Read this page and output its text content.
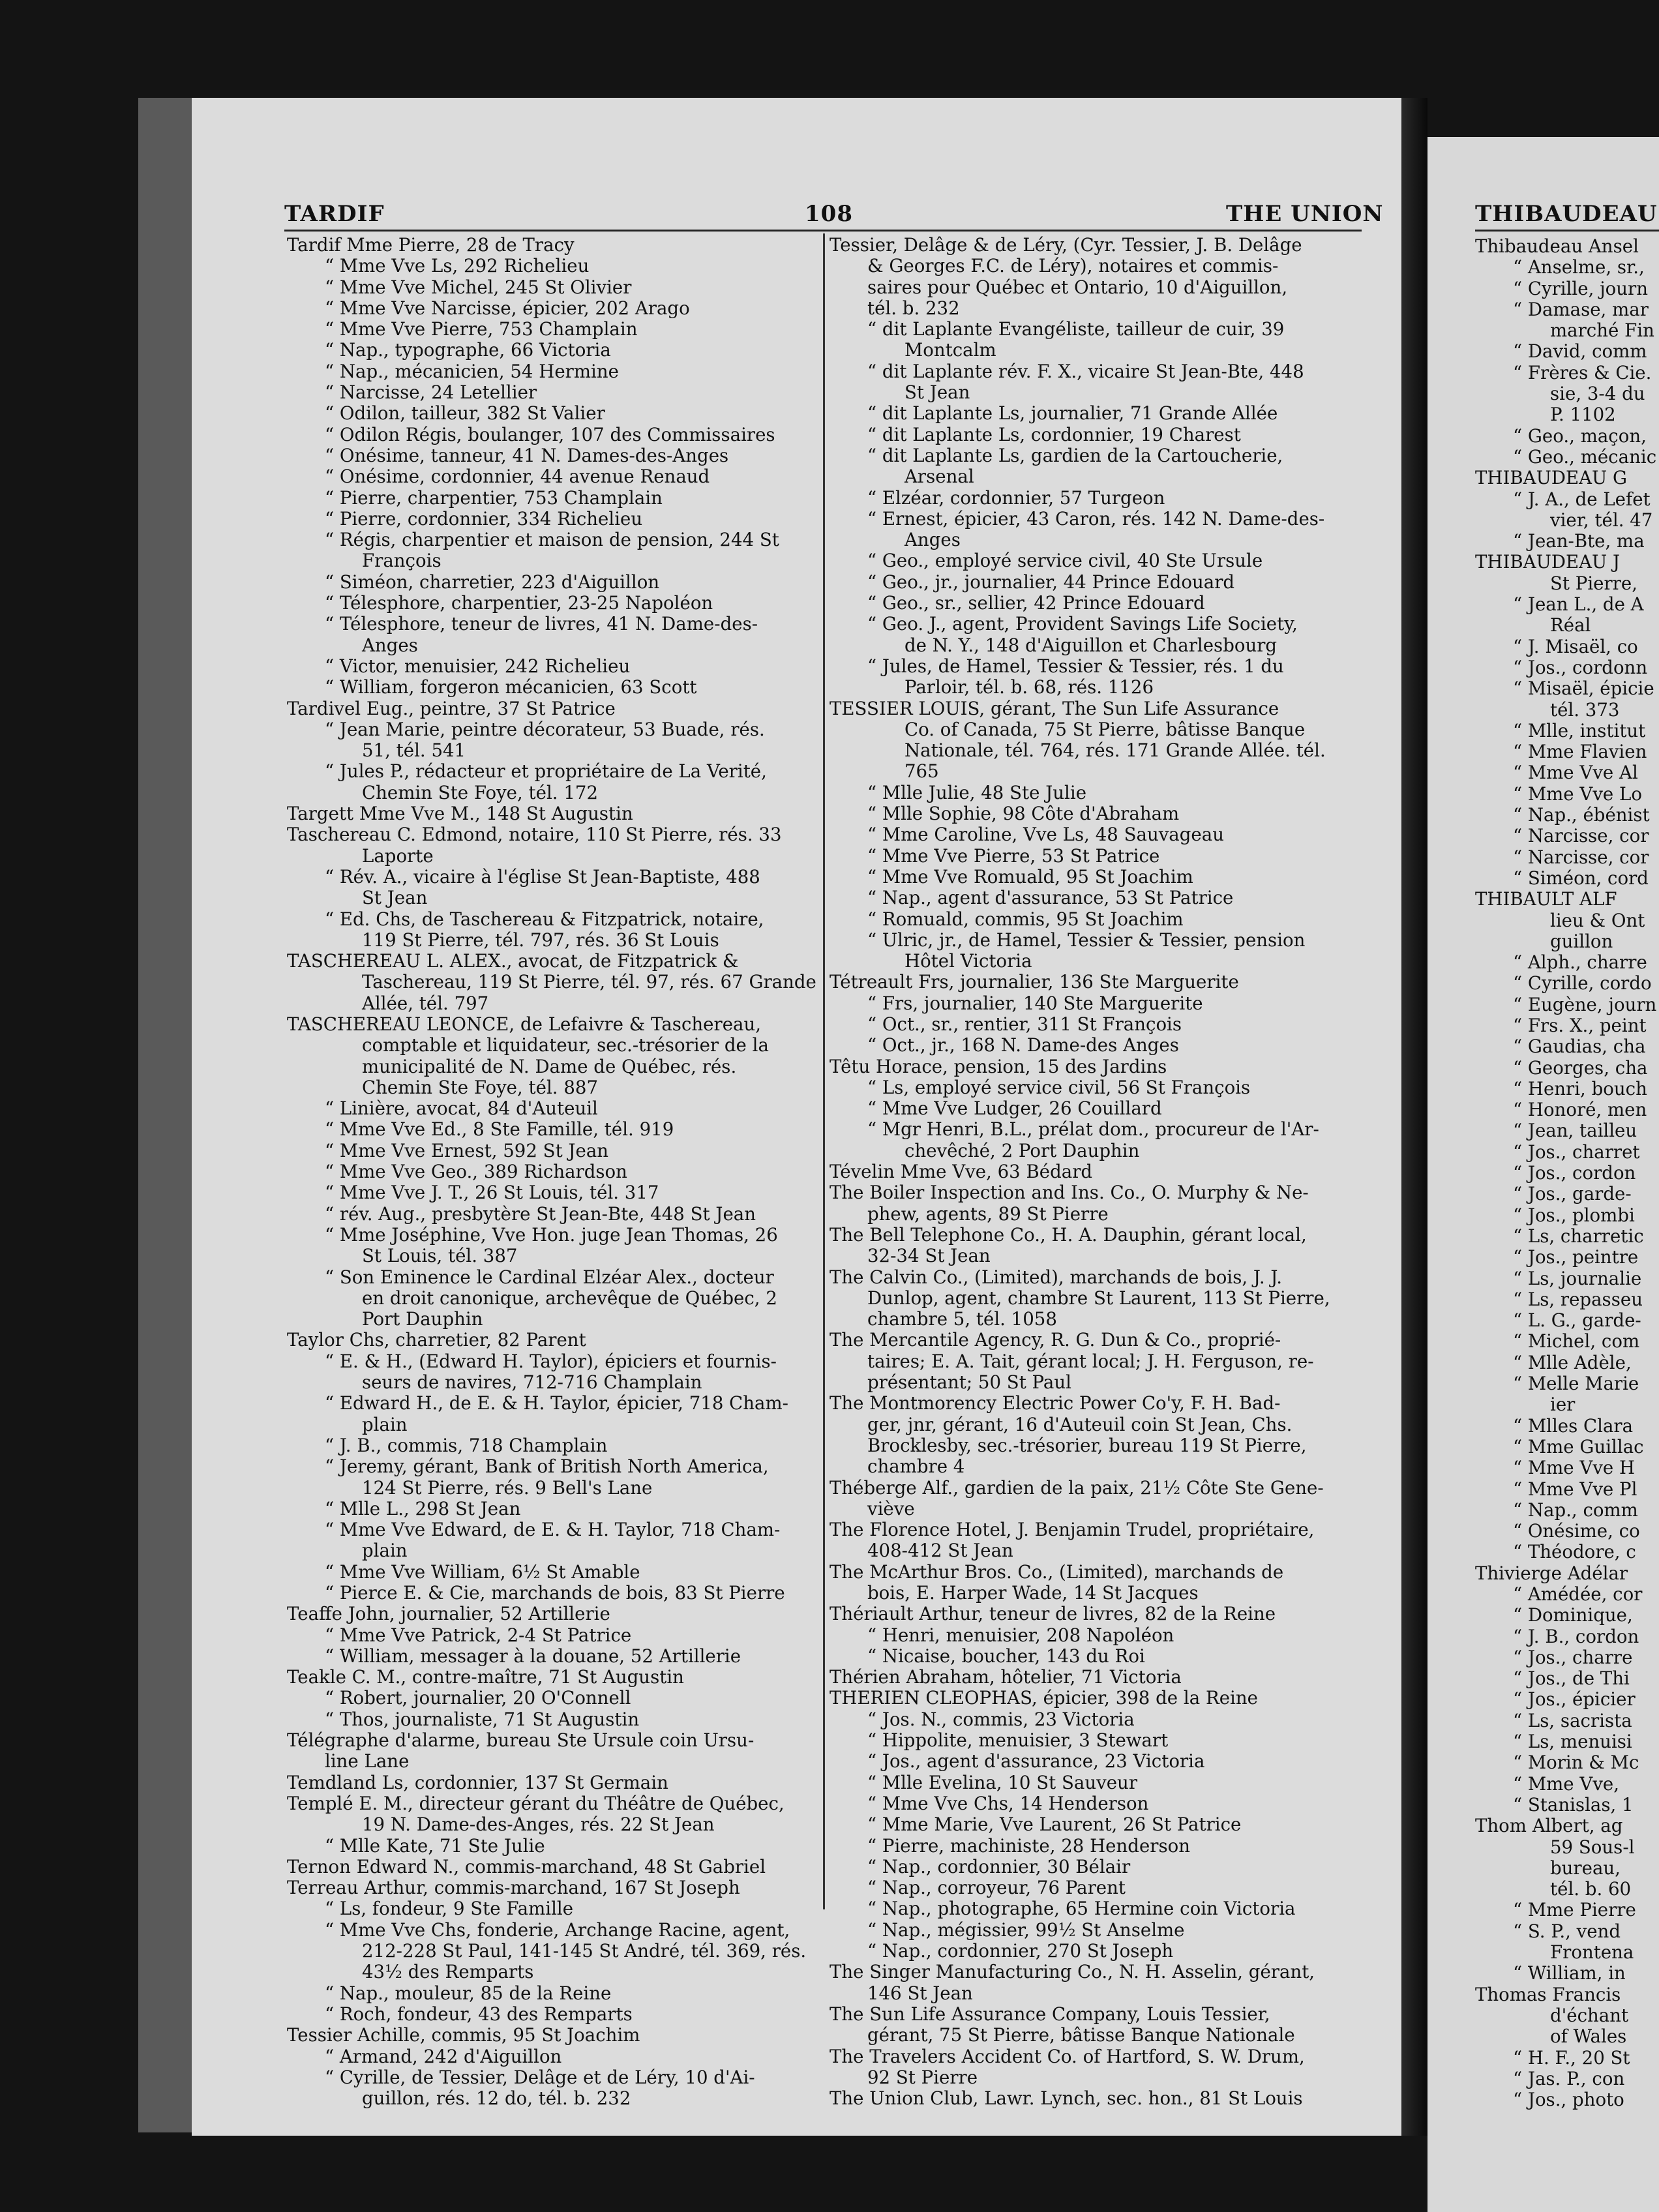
TARDIF	108	THE UNION	THIBAUDEAU
Tardif Mme Pierre, 28 de Tracy
“ Mme Vve Ls, 292 Richelieu
“ Mme Vve Michel, 245 St Olivier
“ Mme Vve Narcisse, épicier, 202 Arago
“ Mme Vve Pierre, 753 Champlain
“ Nap., typographe, 66 Victoria
“ Nap., mécanicien, 54 Hermine
“ Narcisse, 24 Letellier
“ Odilon, tailleur, 382 St Valier
“ Odilon Régis, boulanger, 107 des Commissaires
“ Onésime, tanneur, 41 N. Dames-des-Anges
“ Onésime, cordonnier, 44 avenue Renaud
“ Pierre, charpentier, 753 Champlain
“ Pierre, cordonnier, 334 Richelieu
“ Régis, charpentier et maison de pension, 244 St
François
“ Siméon, charretier, 223 d'Aiguillon
“ Télesphore, charpentier, 23-25 Napoléon
“ Télesphore, teneur de livres, 41 N. Dame-des-
Anges
“ Victor, menuisier, 242 Richelieu
“ William, forgeron mécanicien, 63 Scott
Tardivel Eug., peintre, 37 St Patrice
“ Jean Marie, peintre décorateur, 53 Buade, rés.
51, tél. 541
“ Jules P., rédacteur et propriétaire de La Verité,
Chemin Ste Foye, tél. 172
Targett Mme Vve M., 148 St Augustin
Taschereau C. Edmond, notaire, 110 St Pierre, rés. 33
Laporte
“ Rév. A., vicaire à l'église St Jean-Baptiste, 488
St Jean
“ Ed. Chs, de Taschereau & Fitzpatrick, notaire,
119 St Pierre, tél. 797, rés. 36 St Louis
TASCHEREAU L. ALEX., avocat, de Fitzpatrick &
Taschereau, 119 St Pierre, tél. 97, rés. 67 Grande
Allée, tél. 797
TASCHEREAU LEONCE, de Lefaivre & Taschereau,
comptable et liquidateur, sec.-trésorier de la
municipalité de N. Dame de Québec, rés.
Chemin Ste Foye, tél. 887
“ Linière, avocat, 84 d'Auteuil
“ Mme Vve Ed., 8 Ste Famille, tél. 919
“ Mme Vve Ernest, 592 St Jean
“ Mme Vve Geo., 389 Richardson
“ Mme Vve J. T., 26 St Louis, tél. 317
“ rév. Aug., presbytère St Jean-Bte, 448 St Jean
“ Mme Joséphine, Vve Hon. juge Jean Thomas, 26
St Louis, tél. 387
“ Son Eminence le Cardinal Elzéar Alex., docteur
en droit canonique, archevêque de Québec, 2
Port Dauphin
Taylor Chs, charretier, 82 Parent
“ E. & H., (Edward H. Taylor), épiciers et fournis-
seurs de navires, 712-716 Champlain
“ Edward H., de E. & H. Taylor, épicier, 718 Cham-
plain
“ J. B., commis, 718 Champlain
“ Jeremy, gérant, Bank of British North America,
124 St Pierre, rés. 9 Bell's Lane
“ Mlle L., 298 St Jean
“ Mme Vve Edward, de E. & H. Taylor, 718 Cham-
plain
“ Mme Vve William, 6½ St Amable
“ Pierce E. & Cie, marchands de bois, 83 St Pierre
Teaffe John, journalier, 52 Artillerie
“ Mme Vve Patrick, 2-4 St Patrice
“ William, messager à la douane, 52 Artillerie
Teakle C. M., contre-maître, 71 St Augustin
“ Robert, journalier, 20 O'Connell
“ Thos, journaliste, 71 St Augustin
Télégraphe d'alarme, bureau Ste Ursule coin Ursu-
line Lane
Temdland Ls, cordonnier, 137 St Germain
Templé E. M., directeur gérant du Théâtre de Québec,
19 N. Dame-des-Anges, rés. 22 St Jean
“ Mlle Kate, 71 Ste Julie
Ternon Edward N., commis-marchand, 48 St Gabriel
Terreau Arthur, commis-marchand, 167 St Joseph
“ Ls, fondeur, 9 Ste Famille
“ Mme Vve Chs, fonderie, Archange Racine, agent,
212-228 St Paul, 141-145 St André, tél. 369, rés.
43½ des Remparts
“ Nap., mouleur, 85 de la Reine
“ Roch, fondeur, 43 des Remparts
Tessier Achille, commis, 95 St Joachim
“ Armand, 242 d'Aiguillon
“ Cyrille, de Tessier, Delâge et de Léry, 10 d'Ai-
guillon, rés. 12 do, tél. b. 232
Tessier, Delâge & de Léry, (Cyr. Tessier, J. B. Delâge
& Georges F.C. de Léry), notaires et commis-
saires pour Québec et Ontario, 10 d'Aiguillon,
tél. b. 232
“ dit Laplante Evangéliste, tailleur de cuir, 39
Montcalm
“ dit Laplante rév. F. X., vicaire St Jean-Bte, 448
St Jean
“ dit Laplante Ls, journalier, 71 Grande Allée
“ dit Laplante Ls, cordonnier, 19 Charest
“ dit Laplante Ls, gardien de la Cartoucherie,
Arsenal
“ Elzéar, cordonnier, 57 Turgeon
“ Ernest, épicier, 43 Caron, rés. 142 N. Dame-des-
Anges
“ Geo., employé service civil, 40 Ste Ursule
“ Geo., jr., journalier, 44 Prince Edouard
“ Geo., sr., sellier, 42 Prince Edouard
“ Geo. J., agent, Provident Savings Life Society,
de N. Y., 148 d'Aiguillon et Charlesbourg
“ Jules, de Hamel, Tessier & Tessier, rés. 1 du
Parloir, tél. b. 68, rés. 1126
TESSIER LOUIS, gérant, The Sun Life Assurance
Co. of Canada, 75 St Pierre, bâtisse Banque
Nationale, tél. 764, rés. 171 Grande Allée. tél.
765
“ Mlle Julie, 48 Ste Julie
“ Mlle Sophie, 98 Côte d'Abraham
“ Mme Caroline, Vve Ls, 48 Sauvageau
“ Mme Vve Pierre, 53 St Patrice
“ Mme Vve Romuald, 95 St Joachim
“ Nap., agent d'assurance, 53 St Patrice
“ Romuald, commis, 95 St Joachim
“ Ulric, jr., de Hamel, Tessier & Tessier, pension
Hôtel Victoria
Tétreault Frs, journalier, 136 Ste Marguerite
“ Frs, journalier, 140 Ste Marguerite
“ Oct., sr., rentier, 311 St François
“ Oct., jr., 168 N. Dame-des Anges
Têtu Horace, pension, 15 des Jardins
“ Ls, employé service civil, 56 St François
“ Mme Vve Ludger, 26 Couillard
“ Mgr Henri, B.L., prélat dom., procureur de l'Ar-
chevêché, 2 Port Dauphin
Tévelin Mme Vve, 63 Bédard
The Boiler Inspection and Ins. Co., O. Murphy & Ne-
phew, agents, 89 St Pierre
The Bell Telephone Co., H. A. Dauphin, gérant local,
32-34 St Jean
The Calvin Co., (Limited), marchands de bois, J. J.
Dunlop, agent, chambre St Laurent, 113 St Pierre,
chambre 5, tél. 1058
The Mercantile Agency, R. G. Dun & Co., proprié-
taires; E. A. Tait, gérant local; J. H. Ferguson, re-
présentant; 50 St Paul
The Montmorency Electric Power Co'y, F. H. Bad-
ger, jnr, gérant, 16 d'Auteuil coin St Jean, Chs.
Brocklesby, sec.-trésorier, bureau 119 St Pierre,
chambre 4
Théberge Alf., gardien de la paix, 21½ Côte Ste Gene-
viève
The Florence Hotel, J. Benjamin Trudel, propriétaire,
408-412 St Jean
The McArthur Bros. Co., (Limited), marchands de
bois, E. Harper Wade, 14 St Jacques
Thériault Arthur, teneur de livres, 82 de la Reine
“ Henri, menuisier, 208 Napoléon
“ Nicaise, boucher, 143 du Roi
Thérien Abraham, hôtelier, 71 Victoria
THERIEN CLEOPHAS, épicier, 398 de la Reine
“ Jos. N., commis, 23 Victoria
“ Hippolite, menuisier, 3 Stewart
“ Jos., agent d'assurance, 23 Victoria
“ Mlle Evelina, 10 St Sauveur
“ Mme Vve Chs, 14 Henderson
“ Mme Marie, Vve Laurent, 26 St Patrice
“ Pierre, machiniste, 28 Henderson
“ Nap., cordonnier, 30 Bélair
“ Nap., corroyeur, 76 Parent
“ Nap., photographe, 65 Hermine coin Victoria
“ Nap., mégissier, 99½ St Anselme
“ Nap., cordonnier, 270 St Joseph
The Singer Manufacturing Co., N. H. Asselin, gérant,
146 St Jean
The Sun Life Assurance Company, Louis Tessier,
gérant, 75 St Pierre, bâtisse Banque Nationale
The Travelers Accident Co. of Hartford, S. W. Drum,
92 St Pierre
The Union Club, Lawr. Lynch, sec. hon., 81 St Louis
Thibaudeau Ansel
“ Anselme, sr.,
“ Cyrille, journ
“ Damase, mar
marché Fin
“ David, comm
“ Frères & Cie.
sie, 3-4 du
P. 1102
“ Geo., maçon,
“ Geo., mécanic
THIBAUDEAU G
“ J. A., de Lefet
vier, tél. 47
“ Jean-Bte, ma
THIBAUDEAU J
St Pierre,
“ Jean L., de A
Réal
“ J. Misaël, co
“ Jos., cordonn
“ Misaël, épicie
tél. 373
“ Mlle, institut
“ Mme Flavien
“ Mme Vve Al
“ Mme Vve Lo
“ Nap., ébénist
“ Narcisse, cor
“ Narcisse, cor
“ Siméon, cord
THIBAULT ALF
lieu & Ont
guillon
“ Alph., charre
“ Cyrille, cordo
“ Eugène, journ
“ Frs. X., peint
“ Gaudias, cha
“ Georges, cha
“ Henri, bouch
“ Honoré, men
“ Jean, tailleu
“ Jos., charret
“ Jos., cordon
“ Jos., garde-
“ Jos., plombi
“ Ls, charretic
“ Jos., peintre
“ Ls, journalie
“ Ls, repasseu
“ L. G., garde-
“ Michel, com
“ Mlle Adèle,
“ Melle Marie
ier
“ Mlles Clara
“ Mme Guillac
“ Mme Vve H
“ Mme Vve Pl
“ Nap., comm
“ Onésime, co
“ Théodore, c
Thivierge Adélar
“ Amédée, cor
“ Dominique,
“ J. B., cordon
“ Jos., charre
“ Jos., de Thi
“ Jos., épicier
“ Ls, sacrista
“ Ls, menuisi
“ Morin & Mc
“ Mme Vve,
“ Stanislas, 1
Thom Albert, ag
59 Sous-l
bureau,
tél. b. 60
“ Mme Pierre
“ S. P., vend
Frontena
“ William, in
Thomas Francis
d'échant
of Wales
“ H. F., 20 St
“ Jas. P., con
“ Jos., photo
